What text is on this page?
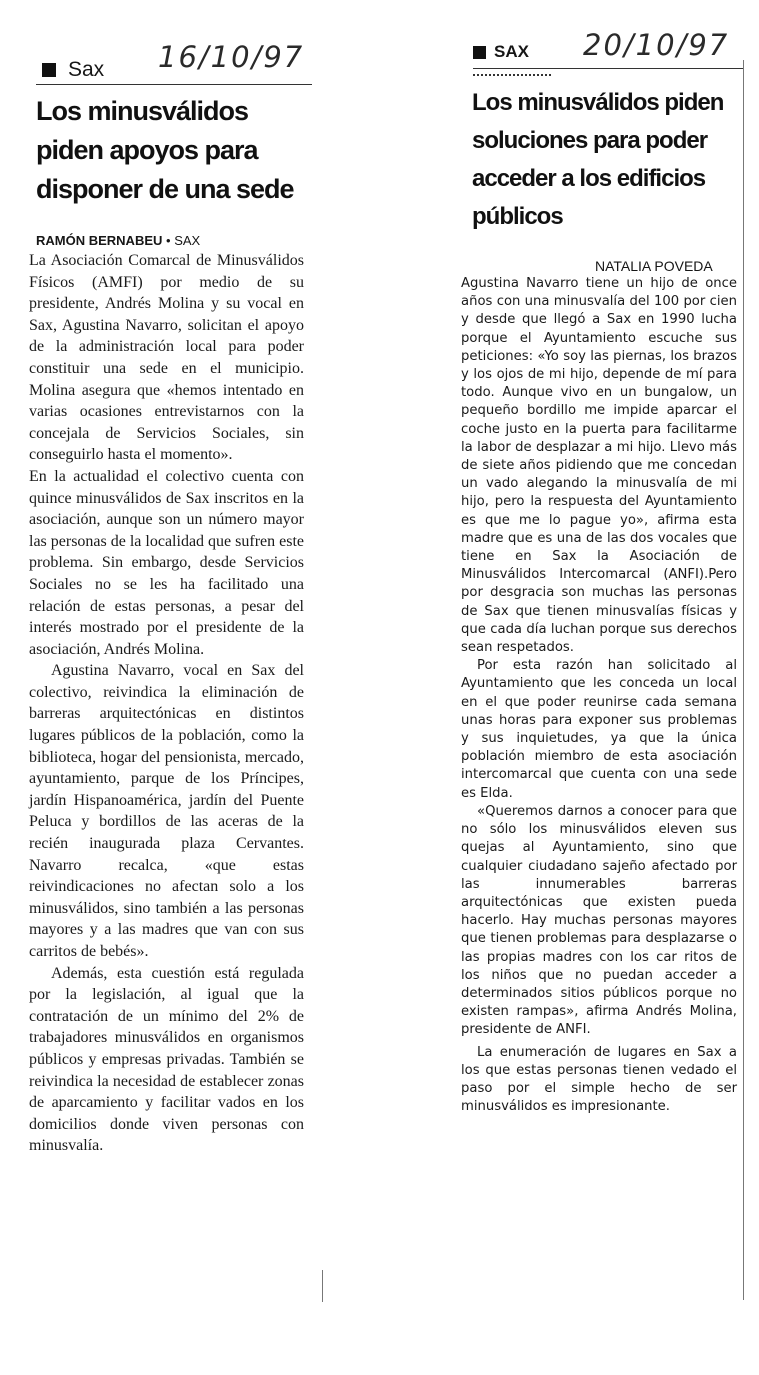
Sax 16/10/97
Los minusválidos piden apoyos para disponer de una sede
RAMÓN BERNABEU • SAX

La Asociación Comarcal de Minusválidos Físicos (AMFI) por medio de su presidente, Andrés Molina y su vocal en Sax, Agustina Navarro, solicitan el apoyo de la administración local para poder constituir una sede en el municipio. Molina asegura que «hemos intentado en varias ocasiones entrevistarnos con la concejala de Servicios Sociales, sin conseguirlo hasta el momento».

En la actualidad el colectivo cuenta con quince minusválidos de Sax inscritos en la asociación, aunque son un número mayor las personas de la localidad que sufren este problema. Sin embargo, desde Servicios Sociales no se les ha facilitado una relación de estas personas, a pesar del interés mostrado por el presidente de la asociación, Andrés Molina.

Agustina Navarro, vocal en Sax del colectivo, reivindica la eliminación de barreras arquitectónicas en distintos lugares públicos de la población, como la biblioteca, hogar del pensionista, mercado, ayuntamiento, parque de los Príncipes, jardín Hispanoamérica, jardín del Puente Peluca y bordillos de las aceras de la recién inaugurada plaza Cervantes. Navarro recalca, «que estas reivindicaciones no afectan solo a los minusválidos, sino también a las personas mayores y a las madres que van con sus carritos de bebés».

Además, esta cuestión está regulada por la legislación, al igual que la contratación de un mínimo del 2% de trabajadores minusválidos en organismos públicos y empresas privadas. También se reivindica la necesidad de establecer zonas de aparcamiento y facilitar vados en los domicilios donde viven personas con minusvalía.

SAX 20/10/97
Los minusválidos piden soluciones para poder acceder a los edificios públicos
NATALIA POVEDA

Agustina Navarro tiene un hijo de once años con una minusvalía del 100 por cien y desde que llegó a Sax en 1990 lucha porque el Ayuntamiento escuche sus peticiones: «Yo soy las piernas, los brazos y los ojos de mi hijo, depende de mí para todo. Aunque vivo en un bungalow, un pequeño bordillo me impide aparcar el coche justo en la puerta para facilitarme la labor de desplazar a mi hijo. Llevo más de siete años pidiendo que me concedan un vado alegando la minusvalía de mi hijo, pero la respuesta del Ayuntamiento es que me lo pague yo», afirma esta madre que es una de las dos vocales que tiene en Sax la Asociación de Minusválidos Intercomarcal (ANFI).Pero por desgracia son muchas las personas de Sax que tienen minusvalías físicas y que cada día luchan porque sus derechos sean respetados.

Por esta razón han solicitado al Ayuntamiento que les conceda un local en el que poder reunirse cada semana unas horas para exponer sus problemas y sus inquietudes, ya que la única población miembro de esta asociación intercomarcal que cuenta con una sede es Elda.

«Queremos darnos a conocer para que no sólo los minusválidos eleven sus quejas al Ayuntamiento, sino que cualquier ciudadano sajeño afectado por las innumerables barreras arquitectónicas que existen pueda hacerlo. Hay muchas personas mayores que tienen problemas para desplazarse o las propias madres con los car ritos de los niños que no puedan acceder a determinados sitios públicos porque no existen rampas», afirma Andrés Molina, presidente de ANFI.

La enumeración de lugares en Sax a los que estas personas tienen vedado el paso por el simple hecho de ser minusválidos es impresionante.
